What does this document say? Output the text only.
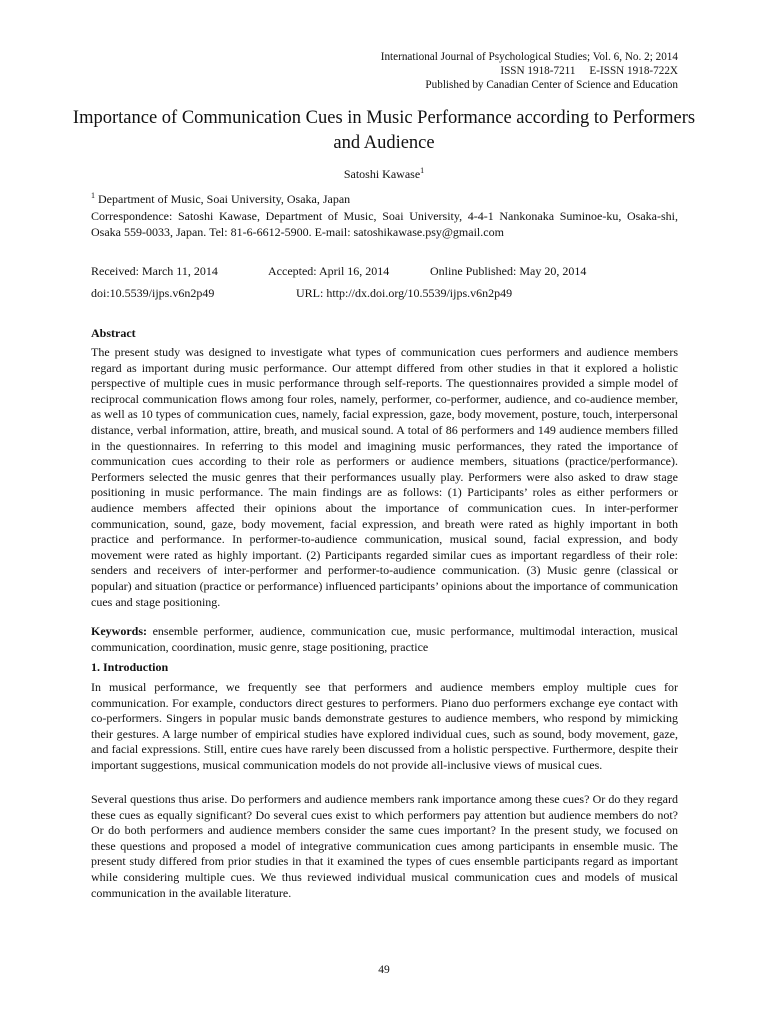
International Journal of Psychological Studies; Vol. 6, No. 2; 2014
ISSN 1918-7211     E-ISSN 1918-722X
Published by Canadian Center of Science and Education
Importance of Communication Cues in Music Performance according to Performers and Audience
Satoshi Kawase$^1$
$^1$ Department of Music, Soai University, Osaka, Japan
Correspondence: Satoshi Kawase, Department of Music, Soai University, 4-4-1 Nankonaka Suminoe-ku, Osaka-shi, Osaka 559-0033, Japan. Tel: 81-6-6612-5900. E-mail: satoshikawase.psy@gmail.com
Received: March 11, 2014	Accepted: April 16, 2014	Online Published: May 20, 2014
doi:10.5539/ijps.v6n2p49	URL: http://dx.doi.org/10.5539/ijps.v6n2p49
Abstract
The present study was designed to investigate what types of communication cues performers and audience members regard as important during music performance. Our attempt differed from other studies in that it explored a holistic perspective of multiple cues in music performance through self-reports. The questionnaires provided a simple model of reciprocal communication flows among four roles, namely, performer, co-performer, audience, and co-audience member, as well as 10 types of communication cues, namely, facial expression, gaze, body movement, posture, touch, interpersonal distance, verbal information, attire, breath, and musical sound. A total of 86 performers and 149 audience members filled in the questionnaires. In referring to this model and imagining music performances, they rated the importance of communication cues according to their role as performers or audience members, situations (practice/performance). Performers selected the music genres that their performances usually play. Performers were also asked to draw stage positioning in music performance. The main findings are as follows: (1) Participants’ roles as either performers or audience members affected their opinions about the importance of communication cues. In inter-performer communication, sound, gaze, body movement, facial expression, and breath were rated as highly important in both practice and performance. In performer-to-audience communication, musical sound, facial expression, and body movement were rated as highly important. (2) Participants regarded similar cues as important regardless of their role: senders and receivers of inter-performer and performer-to-audience communication. (3) Music genre (classical or popular) and situation (practice or performance) influenced participants’ opinions about the importance of communication cues and stage positioning.
Keywords: ensemble performer, audience, communication cue, music performance, multimodal interaction, musical communication, coordination, music genre, stage positioning, practice
1. Introduction
In musical performance, we frequently see that performers and audience members employ multiple cues for communication. For example, conductors direct gestures to performers. Piano duo performers exchange eye contact with co-performers. Singers in popular music bands demonstrate gestures to audience members, who respond by mimicking their gestures. A large number of empirical studies have explored individual cues, such as sound, body movement, gaze, and facial expressions. Still, entire cues have rarely been discussed from a holistic perspective. Furthermore, despite their important suggestions, musical communication models do not provide all-inclusive views of musical cues.
Several questions thus arise. Do performers and audience members rank importance among these cues? Or do they regard these cues as equally significant? Do several cues exist to which performers pay attention but audience members do not? Or do both performers and audience members consider the same cues important? In the present study, we focused on these questions and proposed a model of integrative communication cues among participants in ensemble music. The present study differed from prior studies in that it examined the types of cues ensemble participants regard as important while considering multiple cues. We thus reviewed individual musical communication cues and models of musical communication in the available literature.
49
